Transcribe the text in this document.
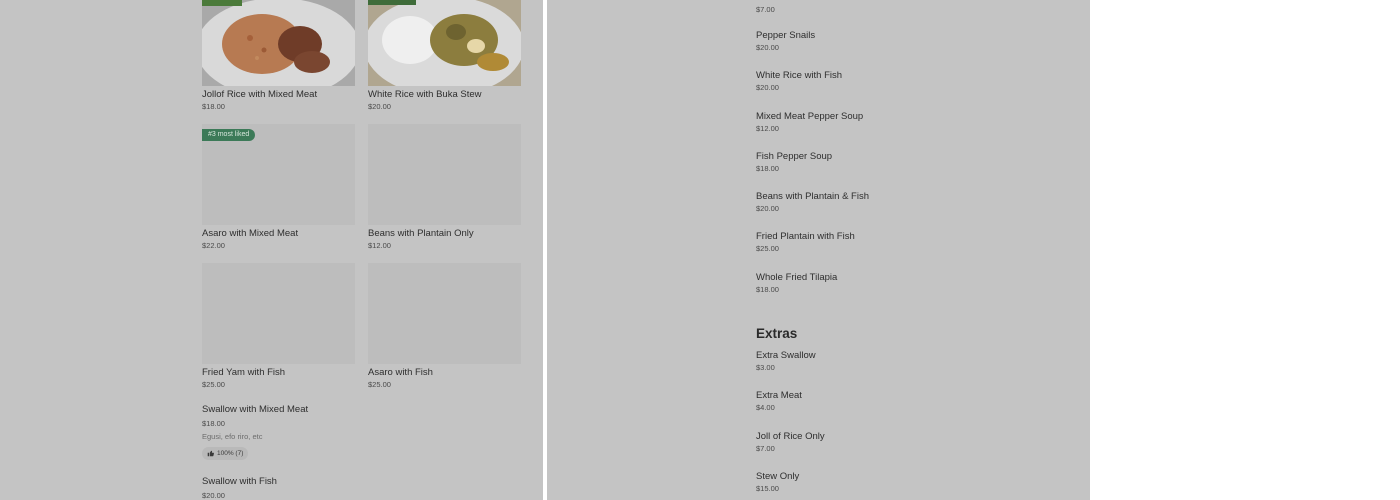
Jollof Rice with Mixed Meat
$18.00
White Rice with Buka Stew
$20.00
#3 most liked
Asaro with Mixed Meat
$22.00
Beans with Plantain Only
$12.00
Fried Yam with Fish
$25.00
Asaro with Fish
$25.00
Swallow with Mixed Meat
$18.00
Egusi, efo riro, etc
100% (7)
Swallow with Fish
$20.00
$7.00
Pepper Snails
$20.00
White Rice with Fish
$20.00
Mixed Meat Pepper Soup
$12.00
Fish Pepper Soup
$18.00
Beans with Plantain & Fish
$20.00
Fried Plantain with Fish
$25.00
Whole Fried Tilapia
$18.00
Extras
Extra Swallow
$3.00
Extra Meat
$4.00
Joll of Rice Only
$7.00
Stew Only
$15.00
